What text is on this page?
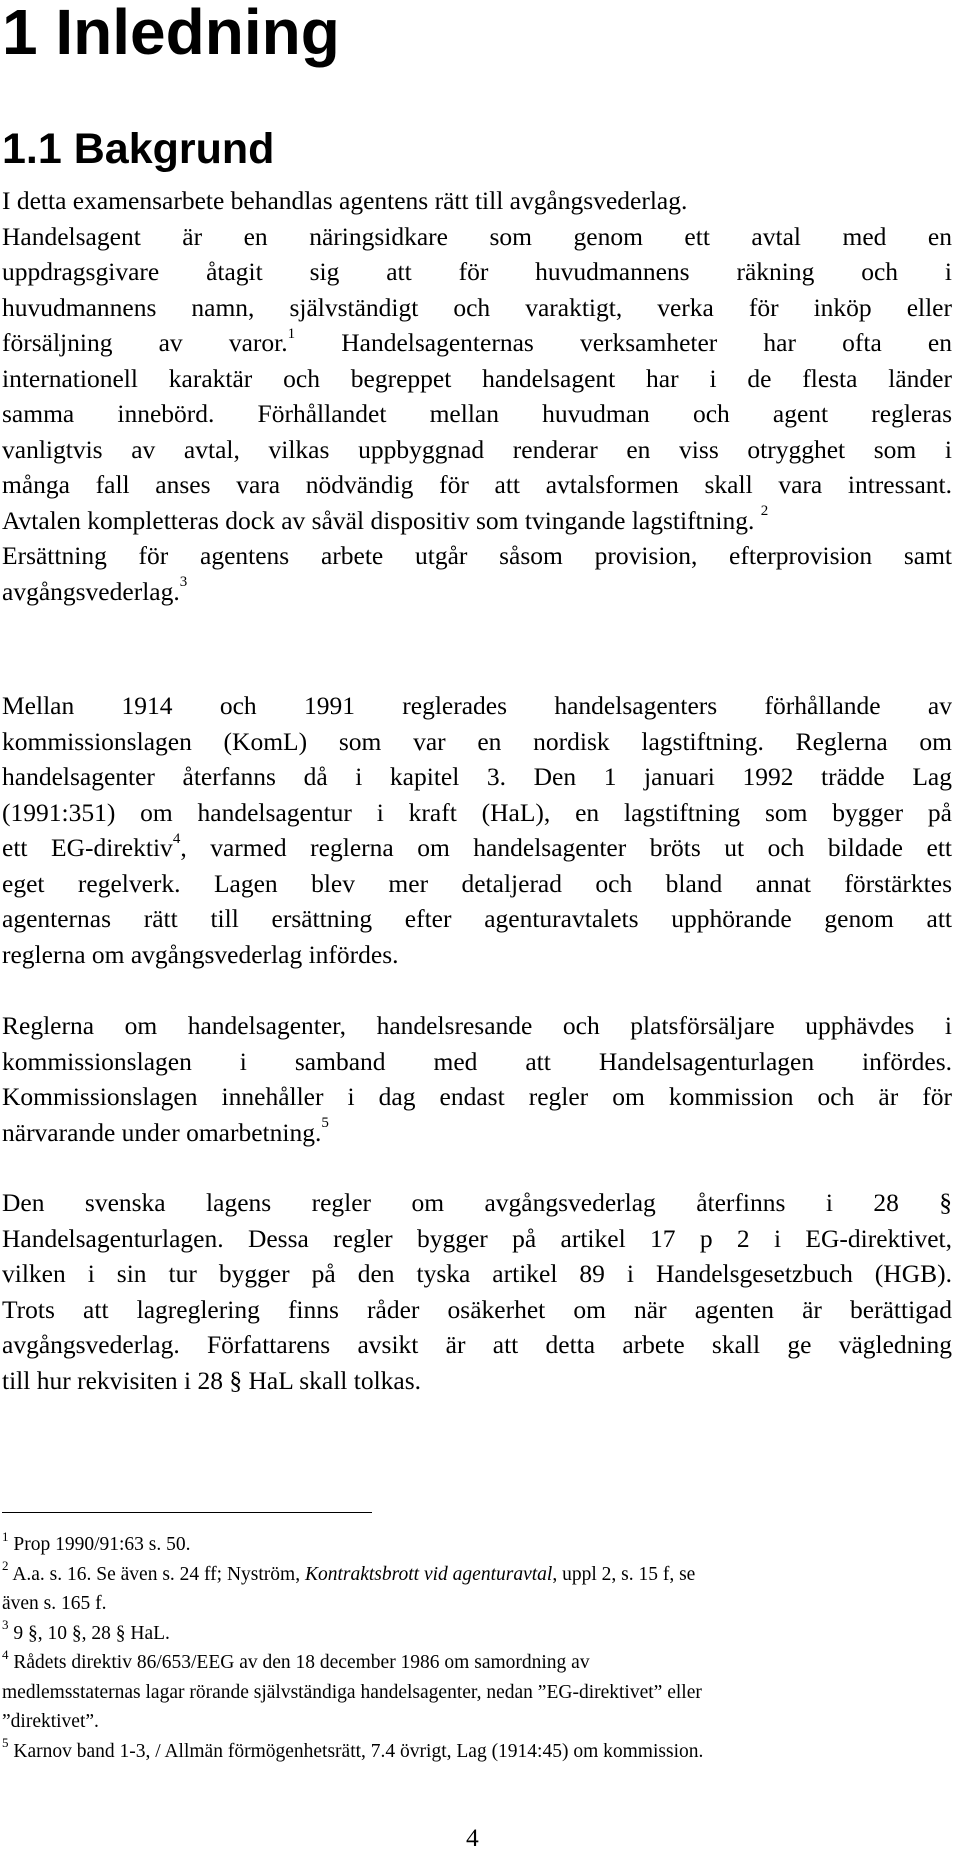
1 Inledning
1.1 Bakgrund
I detta examensarbete behandlas agentens rätt till avgångsvederlag.
Handelsagent är en näringsidkare som genom ett avtal med en
uppdragsgivare åtagit sig att för huvudmannens räkning och i
huvudmannens namn, självständigt och varaktigt, verka för inköp eller
försäljning av varor.$^1$ Handelsagenternas verksamheter har ofta en
internationell karaktär och begreppet handelsagent har i de flesta länder
samma innebörd. Förhållandet mellan huvudman och agent regleras
vanligtvis av avtal, vilkas uppbyggnad renderar en viss otrygghet som i
många fall anses vara nödvändig för att avtalsformen skall vara intressant.
Avtalen kompletteras dock av såväl dispositiv som tvingande lagstiftning. $^2$
Ersättning för agentens arbete utgår såsom provision, efterprovision samt
avgångsvederlag.$^3$
Mellan 1914 och 1991 reglerades handelsagenters förhållande av
kommissionslagen (KomL) som var en nordisk lagstiftning. Reglerna om
handelsagenter återfanns då i kapitel 3. Den 1 januari 1992 trädde Lag
(1991:351) om handelsagentur i kraft (HaL), en lagstiftning som bygger på
ett EG-direktiv$^4$, varmed reglerna om handelsagenter bröts ut och bildade ett
eget regelverk. Lagen blev mer detaljerad och bland annat förstärktes
agenternas rätt till ersättning efter agenturavtalets upphörande genom att
reglerna om avgångsvederlag infördes.
Reglerna om handelsagenter, handelsresande och platsförsäljare upphävdes i
kommissionslagen i samband med att Handelsagenturlagen infördes.
Kommissionslagen innehåller i dag endast regler om kommission och är för
närvarande under omarbetning.$^5$
Den svenska lagens regler om avgångsvederlag återfinns i 28 §
Handelsagenturlagen. Dessa regler bygger på artikel 17 p 2 i EG-direktivet,
vilken i sin tur bygger på den tyska artikel 89 i Handelsgesetzbuch (HGB).
Trots att lagreglering finns råder osäkerhet om när agenten är berättigad
avgångsvederlag. Författarens avsikt är att detta arbete skall ge vägledning
till hur rekvisiten i 28 § HaL skall tolkas.
$^1$ Prop 1990/91:63 s. 50.
$^2$ A.a. s. 16. Se även s. 24 ff; Nyström, Kontraktsbrott vid agenturavtal, uppl 2, s. 15 f, se
även s. 165 f.
$^3$ 9 §, 10 §, 28 § HaL.
$^4$ Rådets direktiv 86/653/EEG av den 18 december 1986 om samordning av
medlemsstaternas lagar rörande självständiga handelsagenter, nedan ”EG-direktivet” eller
”direktivet”.
$^5$ Karnov band 1-3, / Allmän förmögenhetsrätt, 7.4 övrigt, Lag (1914:45) om kommission.
4
